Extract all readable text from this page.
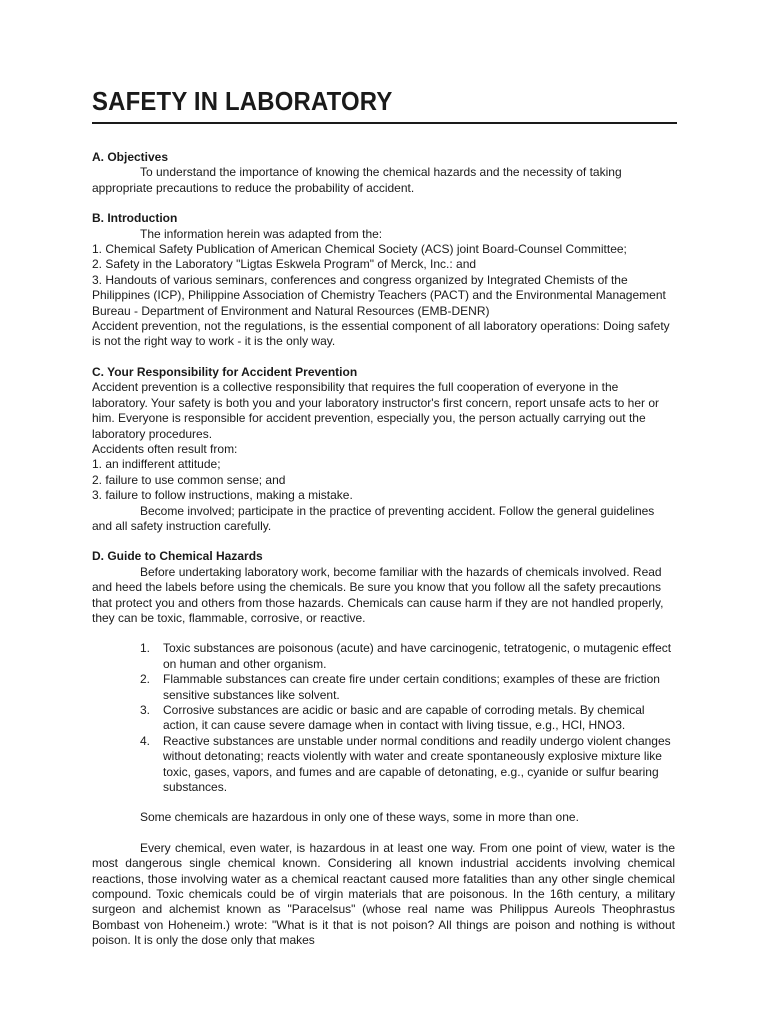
SAFETY IN LABORATORY

A. Objectives

To understand the importance of knowing the chemical hazards and the necessity of taking appropriate precautions to reduce the probability of accident.

B. Introduction

The information herein was adapted from the:

1. Chemical Safety Publication of American Chemical Society (ACS) joint Board-Counsel Committee;

2. Safety in the Laboratory "Ligtas Eskwela Program" of Merck, Inc.: and

3. Handouts of various seminars, conferences and congress organized by Integrated Chemists of the Philippines (ICP), Philippine Association of Chemistry Teachers (PACT) and the Environmental Management Bureau - Department of Environment and Natural Resources (EMB-DENR)

Accident prevention, not the regulations, is the essential component of all laboratory operations: Doing safety is not the right way to work - it is the only way.

C. Your Responsibility for Accident Prevention

Accident prevention is a collective responsibility that requires the full cooperation of everyone in the laboratory. Your safety is both you and your laboratory instructor's first concern, report unsafe acts to her or him. Everyone is responsible for accident prevention, especially you, the person actually carrying out the laboratory procedures.

Accidents often result from:

1. an indifferent attitude;

2. failure to use common sense; and

3. failure to follow instructions, making a mistake.

Become involved; participate in the practice of preventing accident. Follow the general guidelines and all safety instruction carefully.

D. Guide to Chemical Hazards

Before undertaking laboratory work, become familiar with the hazards of chemicals involved. Read and heed the labels before using the chemicals. Be sure you know that you follow all the safety precautions that protect you and others from those hazards. Chemicals can cause harm if they are not handled properly, they can be toxic, flammable, corrosive, or reactive.

1. Toxic substances are poisonous (acute) and have carcinogenic, tetratogenic, o mutagenic effect on human and other organism.
2. Flammable substances can create fire under certain conditions; examples of these are friction sensitive substances like solvent.
3. Corrosive substances are acidic or basic and are capable of corroding metals. By chemical action, it can cause severe damage when in contact with living tissue, e.g., HCl, HNO3.
4. Reactive substances are unstable under normal conditions and readily undergo violent changes without detonating; reacts violently with water and create spontaneously explosive mixture like toxic, gases, vapors, and fumes and are capable of detonating, e.g., cyanide or sulfur bearing substances.

Some chemicals are hazardous in only one of these ways, some in more than one.

Every chemical, even water, is hazardous in at least one way. From one point of view, water is the most dangerous single chemical known. Considering all known industrial accidents involving chemical reactions, those involving water as a chemical reactant caused more fatalities than any other single chemical compound. Toxic chemicals could be of virgin materials that are poisonous. In the 16th century, a military surgeon and alchemist known as "Paracelsus" (whose real name was Philippus Aureols Theophrastus Bombast von Hoheneim.) wrote: "What is it that is not poison? All things are poison and nothing is without poison. It is only the dose only that makes
